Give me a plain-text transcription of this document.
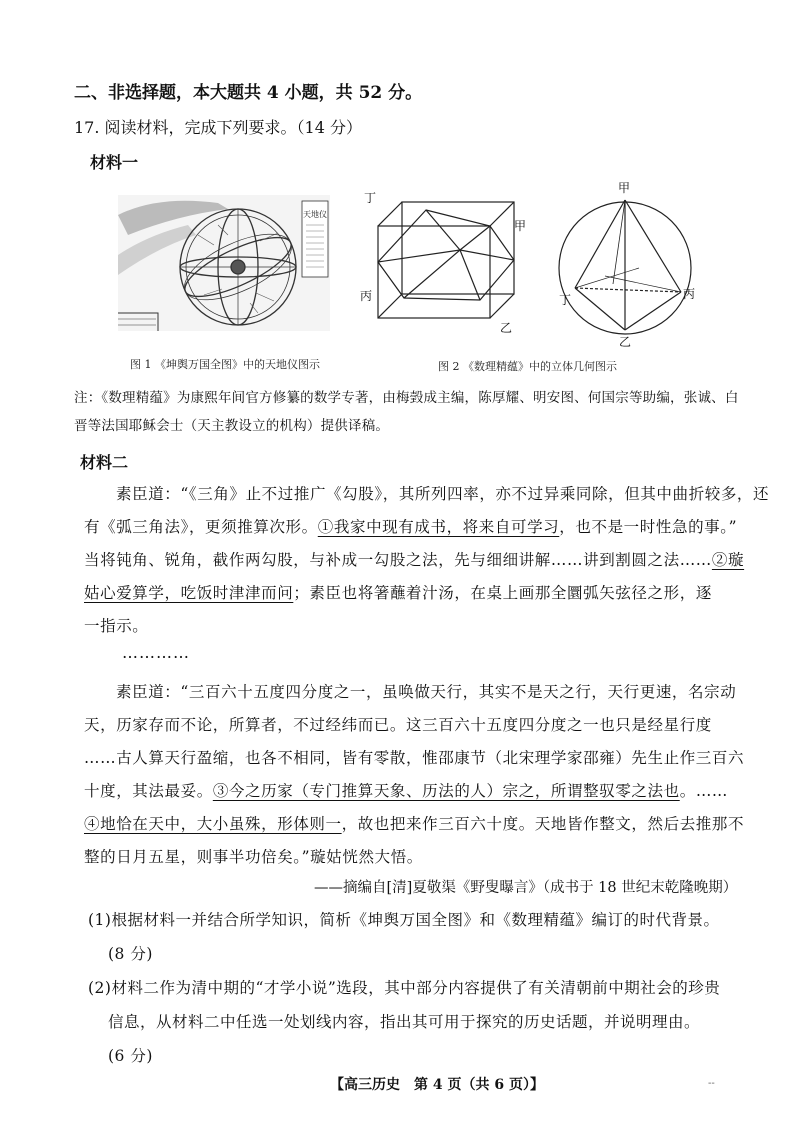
二、非选择题，本大题共 4 小题，共 52 分。
17. 阅读材料，完成下列要求。（14 分）
材料一
天地仪
丁
甲
丙
乙
甲
丁	丙
乙
图 1 《坤舆万国全图》中的天地仪图示	图 2 《数理精蕴》中的立体几何图示
注：《数理精蕴》为康熙年间官方修纂的数学专著，由梅瑴成主编，陈厚耀、明安图、何国宗等助编，张诚、白
晋等法国耶稣会士（天主教设立的机构）提供译稿。
材料二
素臣道：“《三角》止不过推广《勾股》，其所列四率，亦不过异乘同除，但其中曲折较多，还
有《弧三角法》，更须推算次形。①我家中现有成书，将来自可学习，也不是一时性急的事。”
当将钝角、锐角，截作两勾股，与补成一勾股之法，先与细细讲解……讲到割圆之法……②璇
姑心爱算学，吃饭时津津而问；素臣也将箸蘸着汁汤，在桌上画那全圜弧矢弦径之形，逐
一指示。
…………
素臣道：“三百六十五度四分度之一，虽唤做天行，其实不是天之行，天行更速，名宗动
天，历家存而不论，所算者，不过经纬而已。这三百六十五度四分度之一也只是经星行度
……古人算天行盈缩，也各不相同，皆有零散，惟邵康节（北宋理学家邵雍）先生止作三百六
十度，其法最妥。③今之历家（专门推算天象、历法的人）宗之，所谓整驭零之法也。……
④地恰在天中，大小虽殊，形体则一，故也把来作三百六十度。天地皆作整文，然后去推那不
整的日月五星，则事半功倍矣。”璇姑恍然大悟。
——摘编自[清]夏敬渠《野叟曝言》（成书于 18 世纪末乾隆晚期）
(1)根据材料一并结合所学知识，简析《坤舆万国全图》和《数理精蕴》编订的时代背景。
(8 分)
(2)材料二作为清中期的“才学小说”选段，其中部分内容提供了有关清朝前中期社会的珍贵
信息，从材料二中任选一处划线内容，指出其可用于探究的历史话题，并说明理由。
(6 分)
【高三历史　第 4 页（共 6 页）】	--
